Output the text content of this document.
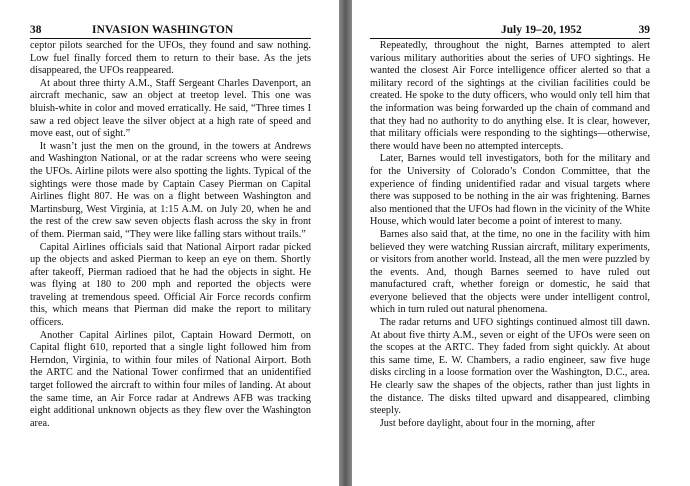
38	INVASION WASHINGTON

ceptor pilots searched for the UFOs, they found and saw nothing. Low fuel finally forced them to return to their base. As the jets disappeared, the UFOs reappeared.

At about three thirty A.M., Staff Sergeant Charles Davenport, an aircraft mechanic, saw an object at treetop level. This one was bluish-white in color and moved erratically. He said, “Three times I saw a red object leave the silver object at a high rate of speed and move east, out of sight.”

It wasn’t just the men on the ground, in the towers at Andrews and Washington National, or at the radar screens who were seeing the UFOs. Airline pilots were also spotting the lights. Typical of the sightings were those made by Captain Casey Pierman on Capital Airlines flight 807. He was on a flight between Washington and Martinsburg, West Virginia, at 1:15 A.M. on July 20, when he and the rest of the crew saw seven objects flash across the sky in front of them. Pierman said, “They were like falling stars without trails.”

Capital Airlines officials said that National Airport radar picked up the objects and asked Pierman to keep an eye on them. Shortly after takeoff, Pierman radioed that he had the objects in sight. He was flying at 180 to 200 mph and reported the objects were traveling at tremendous speed. Official Air Force records confirm this, which means that Pierman did make the report to military officers.

Another Capital Airlines pilot, Captain Howard Dermott, on Capital flight 610, reported that a single light followed him from Herndon, Virginia, to within four miles of National Airport. Both the ARTC and the National Tower confirmed that an unidentified target followed the aircraft to within four miles of landing. At about the same time, an Air Force radar at Andrews AFB was tracking eight additional unknown objects as they flew over the Washington area.

July 19–20, 1952	39

Repeatedly, throughout the night, Barnes attempted to alert various military authorities about the series of UFO sightings. He wanted the closest Air Force intelligence officer alerted so that a military record of the sightings at the civilian facilities could be created. He spoke to the duty officers, who would only tell him that the information was being forwarded up the chain of command and that they had no authority to do anything else. It is clear, however, that military officials were responding to the sightings—otherwise, there would have been no attempted intercepts.

Later, Barnes would tell investigators, both for the military and for the University of Colorado’s Condon Committee, that the experience of finding unidentified radar and visual targets where there was supposed to be nothing in the air was frightening. Barnes also mentioned that the UFOs had flown in the vicinity of the White House, which would later become a point of interest to many.

Barnes also said that, at the time, no one in the facility with him believed they were watching Russian aircraft, military experiments, or visitors from another world. Instead, all the men were puzzled by the events. And, though Barnes seemed to have ruled out manufactured craft, whether foreign or domestic, he said that everyone believed that the objects were under intelligent control, which in turn ruled out natural phenomena.

The radar returns and UFO sightings continued almost till dawn. At about five thirty A.M., seven or eight of the UFOs were seen on the scopes at the ARTC. They faded from sight quickly. At about this same time, E. W. Chambers, a radio engineer, saw five huge disks circling in a loose formation over the Washington, D.C., area. He clearly saw the shapes of the objects, rather than just lights in the distance. The disks tilted upward and disappeared, climbing steeply.

Just before daylight, about four in the morning, after
